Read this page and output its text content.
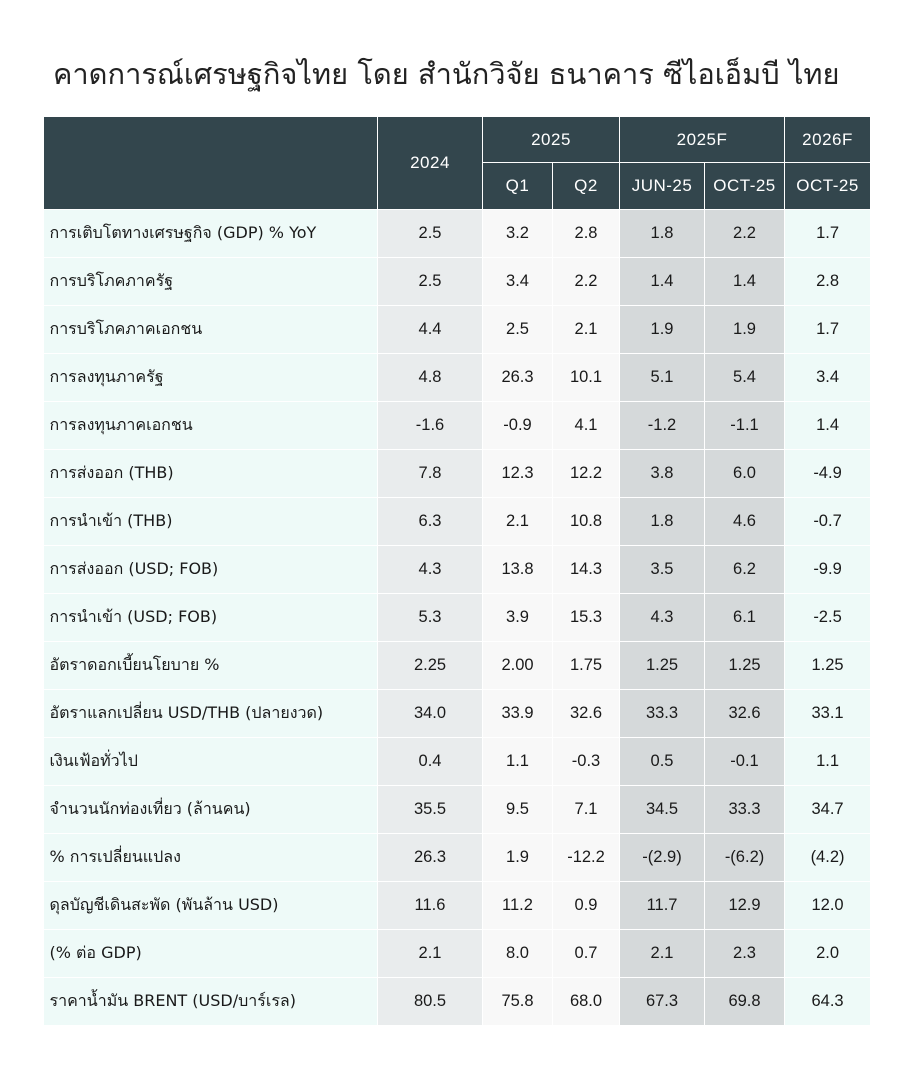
คาดการณ์เศรษฐกิจไทย โดย สำนักวิจัย ธนาคาร ซีไอเอ็มบี ไทย
	2024	2025		2025F		2026F
		Q1	Q2	JUN-25	OCT-25	OCT-25
การเติบโตทางเศรษฐกิจ (GDP) % YoY	2.5	3.2	2.8	1.8	2.2	1.7
การบริโภคภาครัฐ	2.5	3.4	2.2	1.4	1.4	2.8
การบริโภคภาคเอกชน	4.4	2.5	2.1	1.9	1.9	1.7
การลงทุนภาครัฐ	4.8	26.3	10.1	5.1	5.4	3.4
การลงทุนภาคเอกชน	-1.6	-0.9	4.1	-1.2	-1.1	1.4
การส่งออก (THB)	7.8	12.3	12.2	3.8	6.0	-4.9
การนำเข้า (THB)	6.3	2.1	10.8	1.8	4.6	-0.7
การส่งออก (USD; FOB)	4.3	13.8	14.3	3.5	6.2	-9.9
การนำเข้า (USD; FOB)	5.3	3.9	15.3	4.3	6.1	-2.5
อัตราดอกเบี้ยนโยบาย %	2.25	2.00	1.75	1.25	1.25	1.25
อัตราแลกเปลี่ยน USD/THB (ปลายงวด)	34.0	33.9	32.6	33.3	32.6	33.1
เงินเฟ้อทั่วไป	0.4	1.1	-0.3	0.5	-0.1	1.1
จำนวนนักท่องเที่ยว (ล้านคน)	35.5	9.5	7.1	34.5	33.3	34.7
% การเปลี่ยนแปลง	26.3	1.9	-12.2	-(2.9)	-(6.2)	(4.2)
ดุลบัญชีเดินสะพัด (พันล้าน USD)	11.6	11.2	0.9	11.7	12.9	12.0
(% ต่อ GDP)	2.1	8.0	0.7	2.1	2.3	2.0
ราคาน้ำมัน BRENT (USD/บาร์เรล)	80.5	75.8	68.0	67.3	69.8	64.3
